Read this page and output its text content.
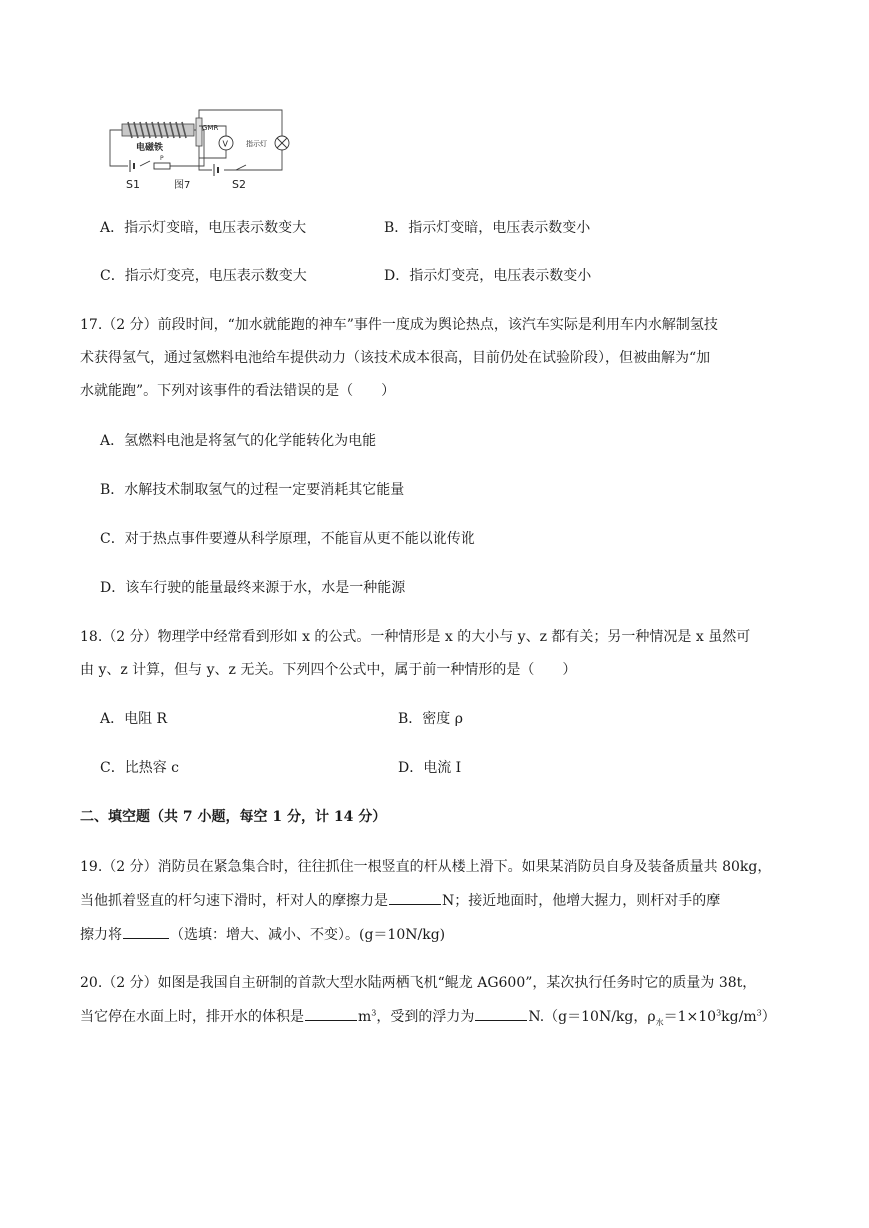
电磁铁
P
S1	图7
GMR
V	指示灯
S2
A．指示灯变暗，电压表示数变大	B．指示灯变暗，电压表示数变小
C．指示灯变亮，电压表示数变大	D．指示灯变亮，电压表示数变小
17.（2 分）前段时间，“加水就能跑的神车”事件一度成为舆论热点，该汽车实际是利用车内水解制氢技
术获得氢气，通过氢燃料电池给车提供动力（该技术成本很高，目前仍处在试验阶段），但被曲解为“加
水就能跑”。下列对该事件的看法错误的是（　　）
A．氢燃料电池是将氢气的化学能转化为电能
B．水解技术制取氢气的过程一定要消耗其它能量
C．对于热点事件要遵从科学原理，不能盲从更不能以讹传讹
D．该车行驶的能量最终来源于水，水是一种能源
18.（2 分）物理学中经常看到形如 x 的公式。一种情形是 x 的大小与 y、z 都有关；另一种情况是 x 虽然可
由 y、z 计算，但与 y、z 无关。下列四个公式中，属于前一种情形的是（　　）
A．电阻 R	B．密度 ρ
C．比热容 c	D．电流 I
二、填空题（共 7 小题，每空 1 分，计 14 分）
19.（2 分）消防员在紧急集合时，往往抓住一根竖直的杆从楼上滑下。如果某消防员自身及装备质量共 80kg，
当他抓着竖直的杆匀速下滑时，杆对人的摩擦力是	N；接近地面时，他增大握力，则杆对手的摩
擦力将	（选填：增大、减小、不变）。(g＝10N/kg)
20.（2 分）如图是我国自主研制的首款大型水陆两栖飞机“鲲龙 AG600”，某次执行任务时它的质量为 38t，
当它停在水面上时，排开水的体积是	$m^3$，受到的浮力为	N.（g＝10N/kg，$\rho_水=1\times 10^3kg/m^3$）
